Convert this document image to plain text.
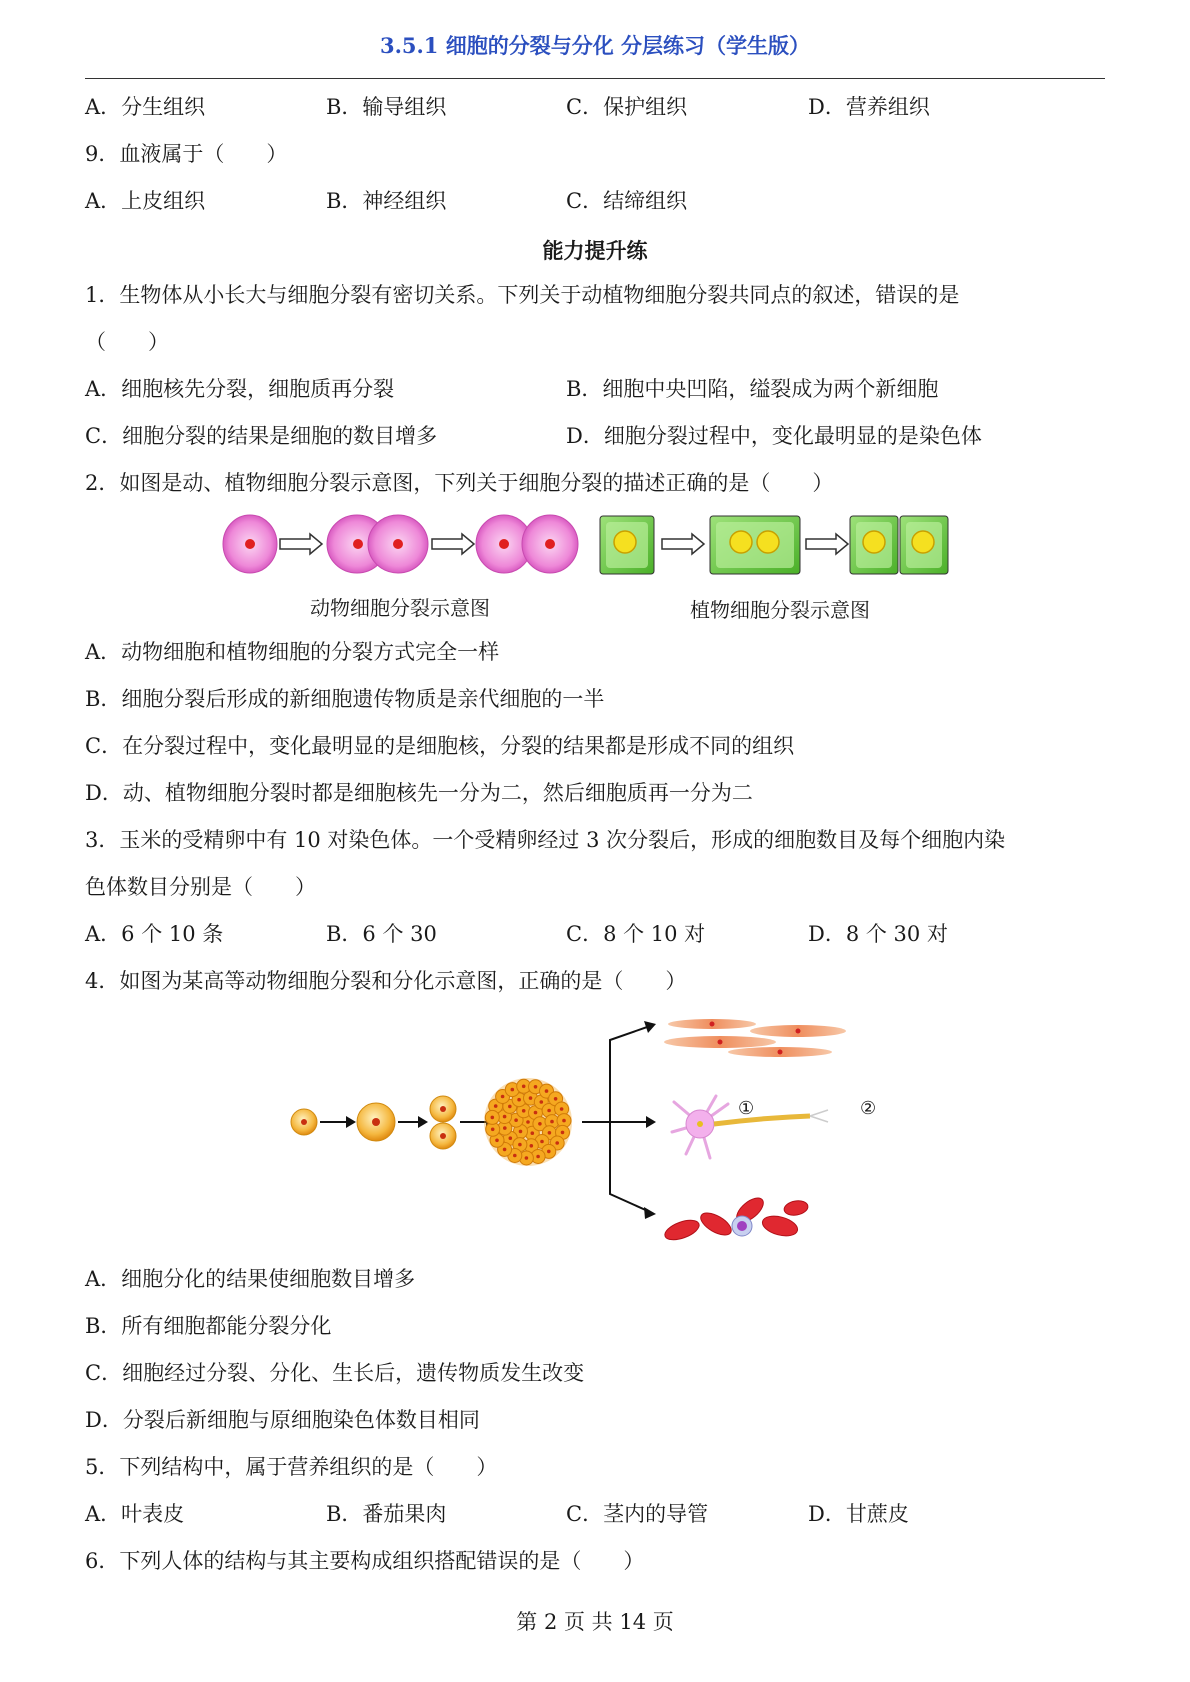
3.5.1 细胞的分裂与分化 分层练习（学生版）
A．分生组织	B．输导组织	C．保护组织	D．营养组织
9．血液属于（　　）
A．上皮组织	B．神经组织	C．结缔组织
能力提升练
1．生物体从小长大与细胞分裂有密切关系。下列关于动植物细胞分裂共同点的叙述，错误的是
（　　）
A．细胞核先分裂，细胞质再分裂	B．细胞中央凹陷，缢裂成为两个新细胞
C．细胞分裂的结果是细胞的数目增多	D．细胞分裂过程中，变化最明显的是染色体
2．如图是动、植物细胞分裂示意图，下列关于细胞分裂的描述正确的是（　　）
动物细胞分裂示意图	植物细胞分裂示意图
A．动物细胞和植物细胞的分裂方式完全一样
B．细胞分裂后形成的新细胞遗传物质是亲代细胞的一半
C．在分裂过程中，变化最明显的是细胞核，分裂的结果都是形成不同的组织
D．动、植物细胞分裂时都是细胞核先一分为二，然后细胞质再一分为二
3．玉米的受精卵中有 10 对染色体。一个受精卵经过 3 次分裂后，形成的细胞数目及每个细胞内染
色体数目分别是（　　）
A．6 个 10 条	B．6 个 30	C．8 个 10 对	D．8 个 30 对
4．如图为某高等动物细胞分裂和分化示意图，正确的是（　　）
①	②
A．细胞分化的结果使细胞数目增多
B．所有细胞都能分裂分化
C．细胞经过分裂、分化、生长后，遗传物质发生改变
D．分裂后新细胞与原细胞染色体数目相同
5．下列结构中，属于营养组织的是（　　）
A．叶表皮	B．番茄果肉	C．茎内的导管	D．甘蔗皮
6．下列人体的结构与其主要构成组织搭配错误的是（　　）
第 2 页 共 14 页
